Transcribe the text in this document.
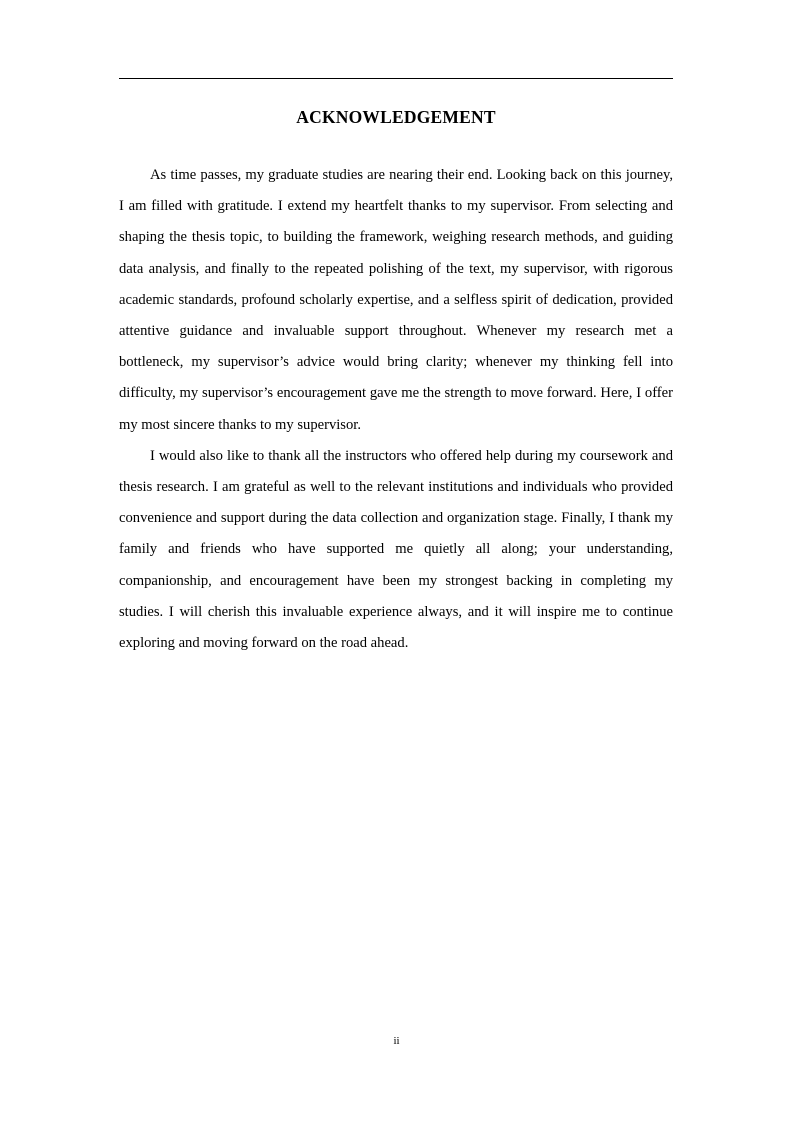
ACKNOWLEDGEMENT

As time passes, my graduate studies are nearing their end. Looking back on this journey, I am filled with gratitude. I extend my heartfelt thanks to my supervisor. From selecting and shaping the thesis topic, to building the framework, weighing research methods, and guiding data analysis, and finally to the repeated polishing of the text, my supervisor, with rigorous academic standards, profound scholarly expertise, and a selfless spirit of dedication, provided attentive guidance and invaluable support throughout. Whenever my research met a bottleneck, my supervisor’s advice would bring clarity; whenever my thinking fell into difficulty, my supervisor’s encouragement gave me the strength to move forward. Here, I offer my most sincere thanks to my supervisor.

I would also like to thank all the instructors who offered help during my coursework and thesis research. I am grateful as well to the relevant institutions and individuals who provided convenience and support during the data collection and organization stage. Finally, I thank my family and friends who have supported me quietly all along; your understanding, companionship, and encouragement have been my strongest backing in completing my studies. I will cherish this invaluable experience always, and it will inspire me to continue exploring and moving forward on the road ahead.

ii
